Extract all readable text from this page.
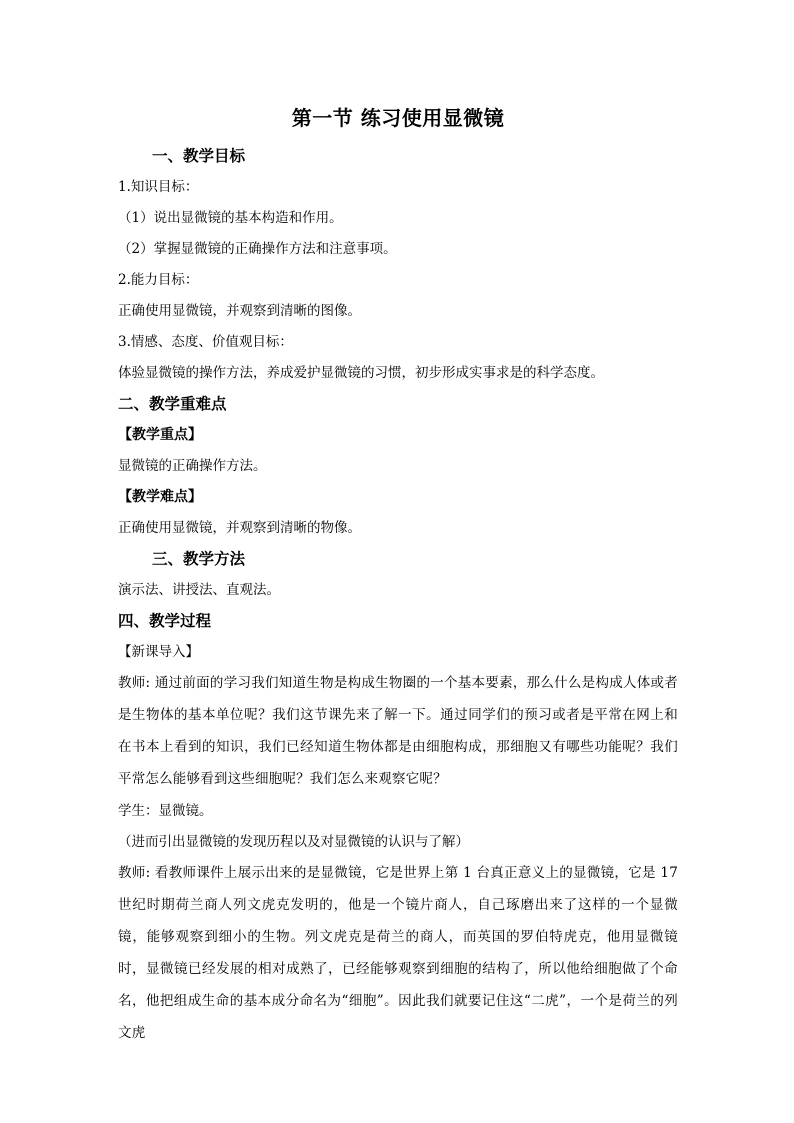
第一节 练习使用显微镜
一、教学目标
1.知识目标：
（1）说出显微镜的基本构造和作用。
（2）掌握显微镜的正确操作方法和注意事项。
2.能力目标：
正确使用显微镜，并观察到清晰的图像。
3.情感、态度、价值观目标：
体验显微镜的操作方法，养成爱护显微镜的习惯，初步形成实事求是的科学态度。
二、教学重难点
【教学重点】
显微镜的正确操作方法。
【教学难点】
正确使用显微镜，并观察到清晰的物像。
三、教学方法
演示法、讲授法、直观法。
四、教学过程
【新课导入】

教师: 通过前面的学习我们知道生物是构成生物圈的一个基本要素，那么什么是构成人体或者是生物体的基本单位呢？我们这节课先来了解一下。通过同学们的预习或者是平常在网上和在书本上看到的知识，我们已经知道生物体都是由细胞构成，那细胞又有哪些功能呢？我们平常怎么能够看到这些细胞呢？我们怎么来观察它呢？

学生：显微镜。
（进而引出显微镜的发现历程以及对显微镜的认识与了解）

教师: 看教师课件上展示出来的是显微镜，它是世界上第 1 台真正意义上的显微镜，它是 17 世纪时期荷兰商人列文虎克发明的，他是一个镜片商人，自己琢磨出来了这样的一个显微镜，能够观察到细小的生物。列文虎克是荷兰的商人，而英国的罗伯特虎克，他用显微镜时，显微镜已经发展的相对成熟了，已经能够观察到细胞的结构了，所以他给细胞做了个命名，他把组成生命的基本成分命名为“细胞”。因此我们就要记住这“二虎”，一个是荷兰的列文虎
